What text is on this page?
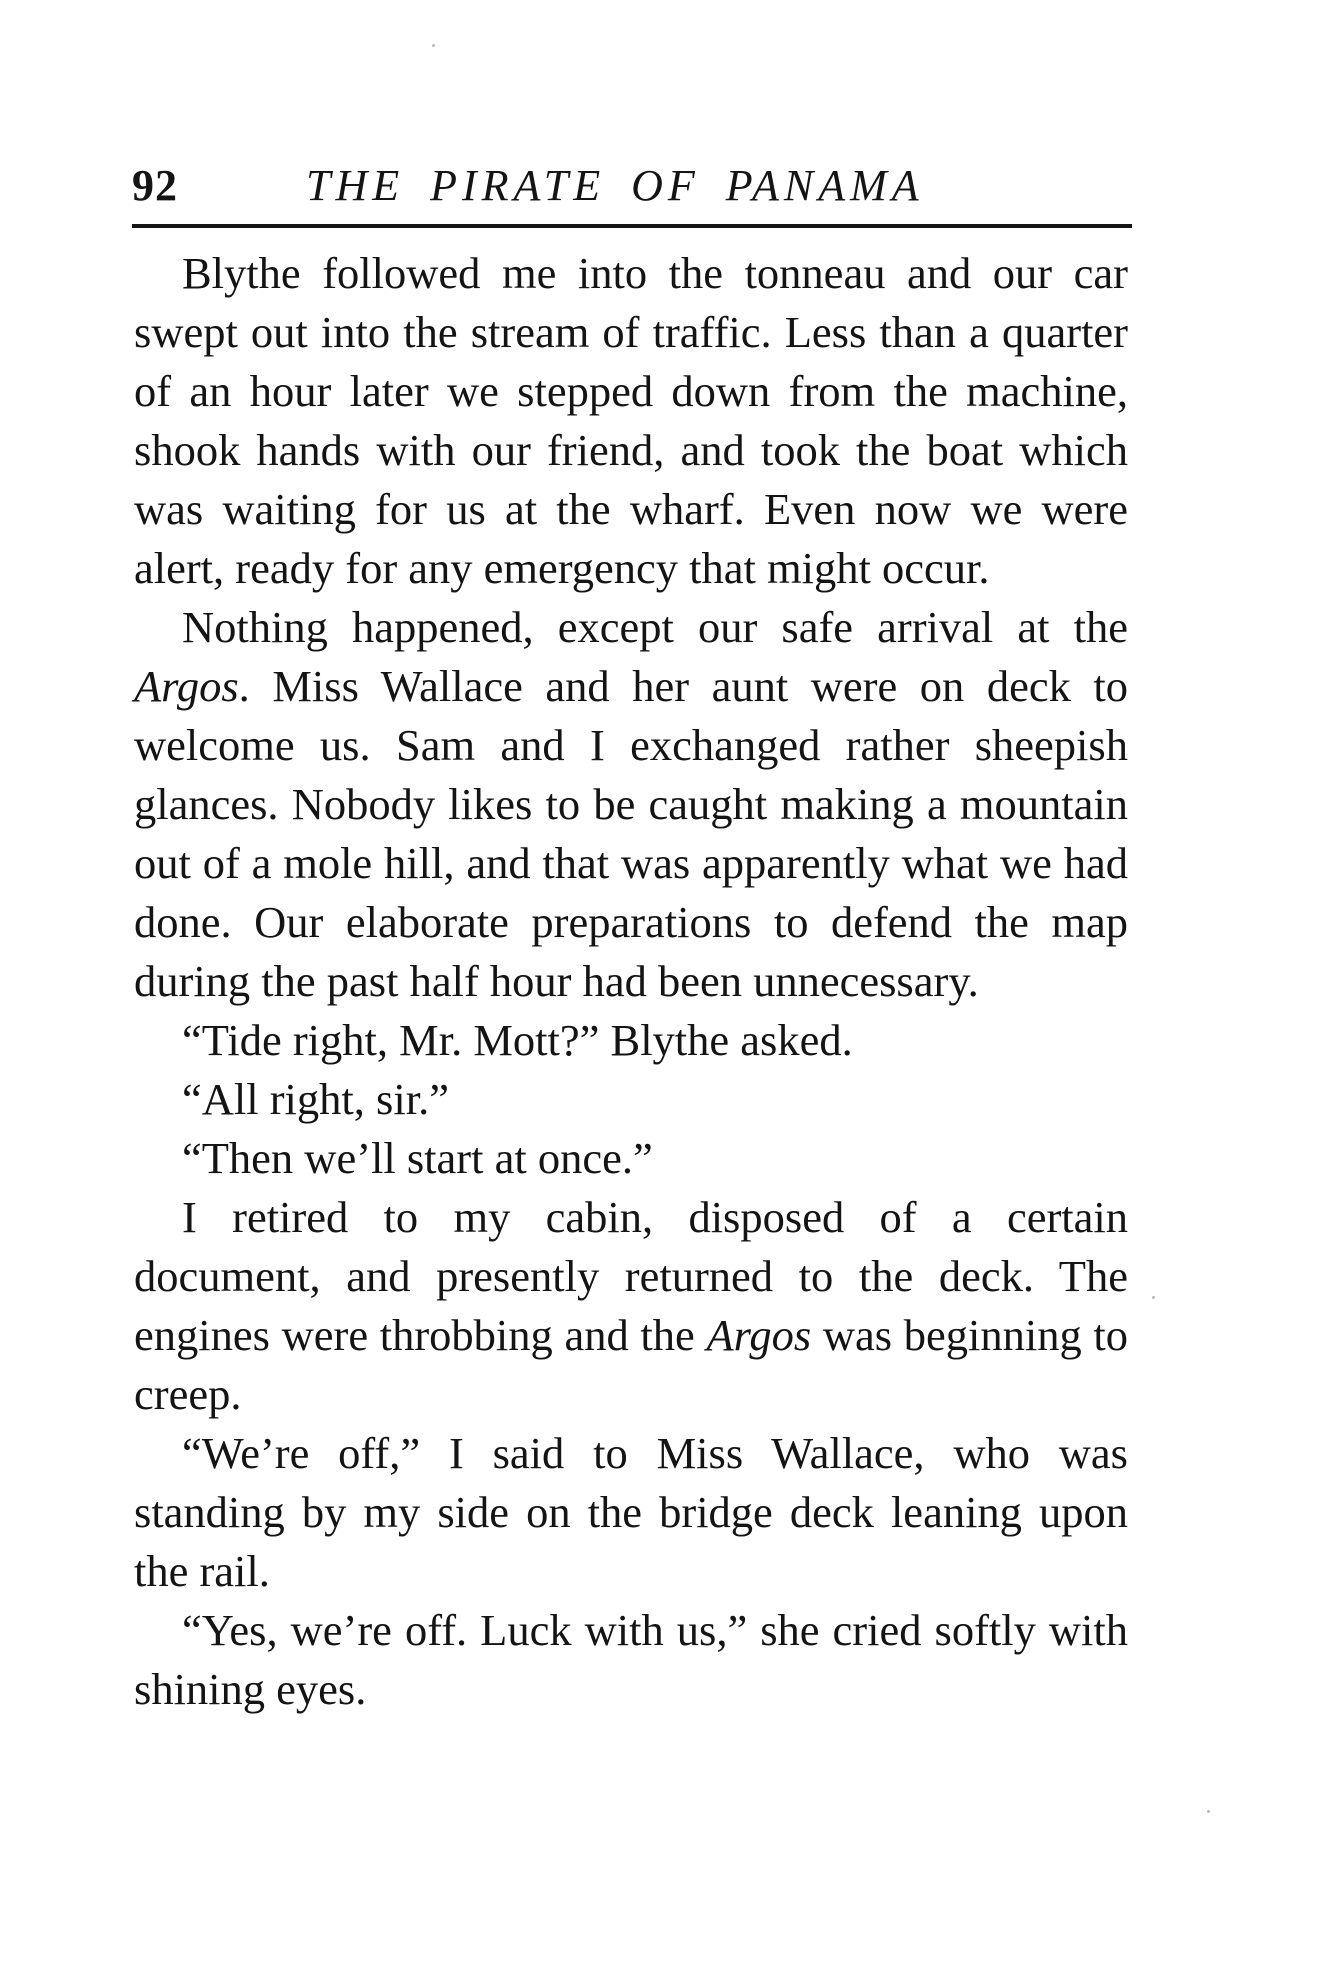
92	THE PIRATE OF PANAMA

Blythe followed me into the tonneau and our car swept out into the stream of traffic. Less than a quarter of an hour later we stepped down from the machine, shook hands with our friend, and took the boat which was waiting for us at the wharf. Even now we were alert, ready for any emergency that might occur.

Nothing happened, except our safe arrival at the Argos. Miss Wallace and her aunt were on deck to welcome us. Sam and I exchanged rather sheepish glances. Nobody likes to be caught making a mountain out of a mole hill, and that was apparently what we had done. Our elaborate preparations to defend the map during the past half hour had been unnecessary.

“Tide right, Mr. Mott?” Blythe asked.

“All right, sir.”

“Then we’ll start at once.”

I retired to my cabin, disposed of a certain document, and presently returned to the deck. The engines were throbbing and the Argos was beginning to creep.

“We’re off,” I said to Miss Wallace, who was standing by my side on the bridge deck leaning upon the rail.

“Yes, we’re off. Luck with us,” she cried softly with shining eyes.
